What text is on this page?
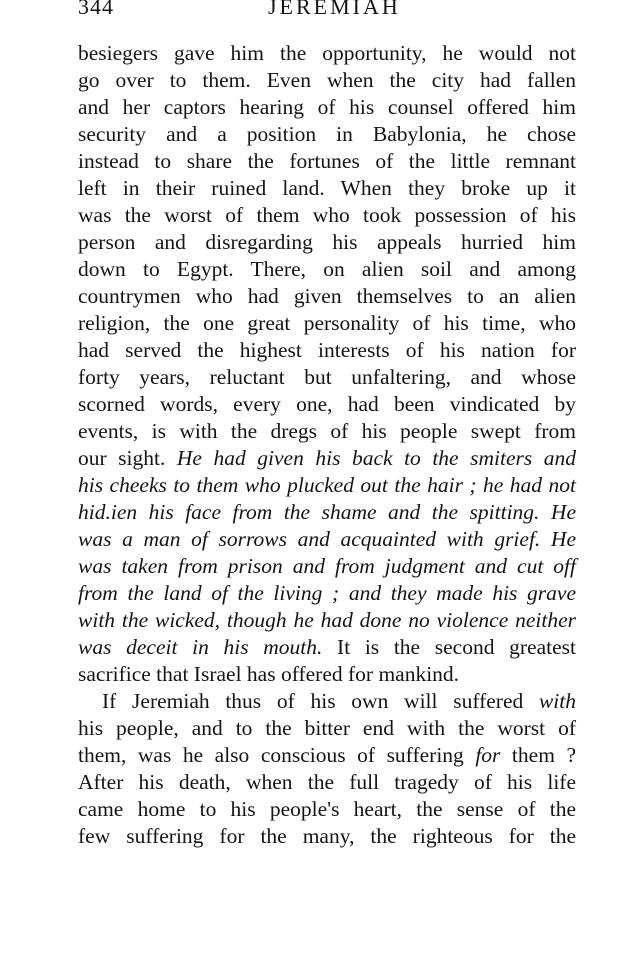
344	JEREMIAH
besiegers gave him the opportunity, he would not
go over to them. Even when the city had fallen
and her captors hearing of his counsel offered him
security and a position in Babylonia, he chose
instead to share the fortunes of the little remnant
left in their ruined land. When they broke up it
was the worst of them who took possession of his
person and disregarding his appeals hurried him
down to Egypt. There, on alien soil and among
countrymen who had given themselves to an alien
religion, the one great personality of his time, who
had served the highest interests of his nation for
forty years, reluctant but unfaltering, and whose
scorned words, every one, had been vindicated by
events, is with the dregs of his people swept from
our sight. He had given his back to the smiters and
his cheeks to them who plucked out the hair ; he had not
hid.ien his face from the shame and the spitting. He
was a man of sorrows and acquainted with grief. He
was taken from prison and from judgment and cut off
from the land of the living ; and they made his grave
with the wicked, though he had done no violence neither
was deceit in his mouth. It is the second greatest
sacrifice that Israel has offered for mankind.
If Jeremiah thus of his own will suffered with
his people, and to the bitter end with the worst of
them, was he also conscious of suffering for them ?
After his death, when the full tragedy of his life
came home to his people's heart, the sense of the
few suffering for the many, the righteous for the
